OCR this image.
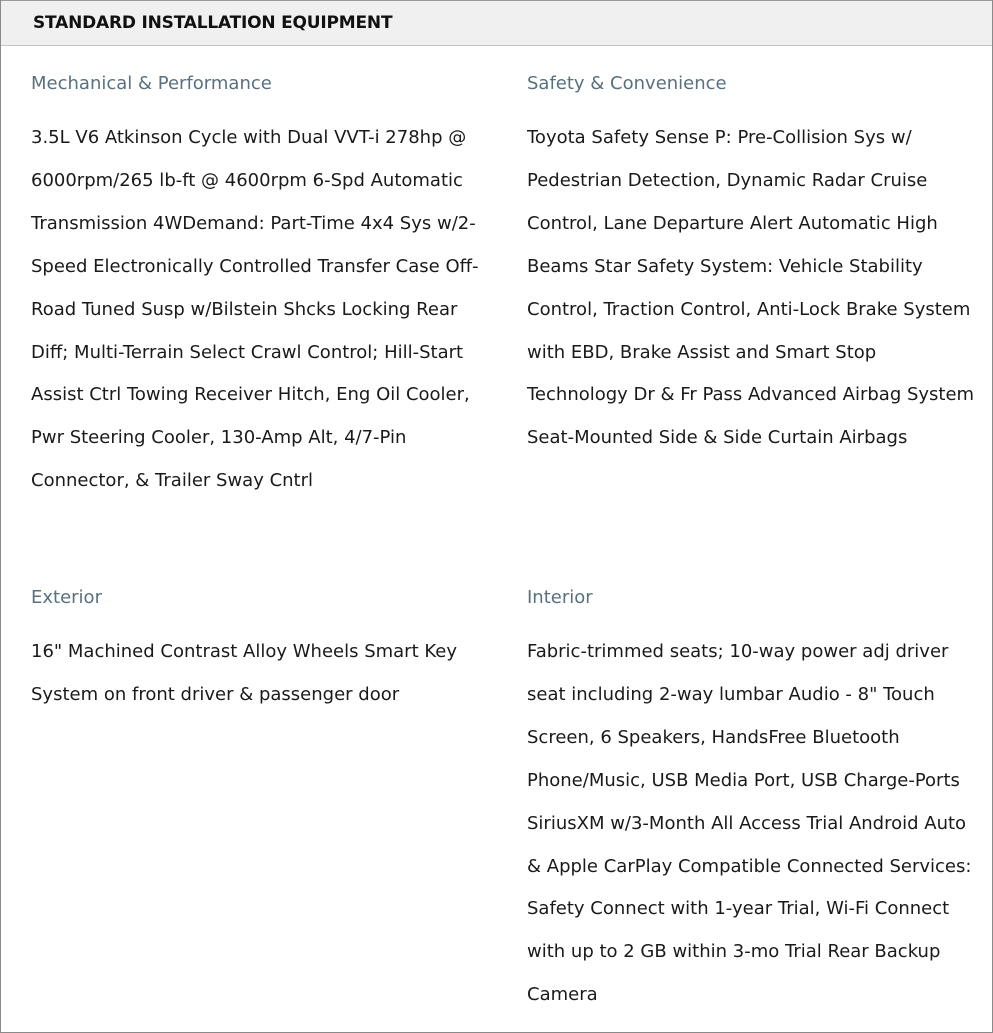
STANDARD INSTALLATION EQUIPMENT
Mechanical & Performance
3.5L V6 Atkinson Cycle with Dual VVT-i 278hp @ 6000rpm/265 lb-ft @ 4600rpm 6-Spd Automatic Transmission 4WDemand: Part-Time 4x4 Sys w/2-Speed Electronically Controlled Transfer Case Off-Road Tuned Susp w/Bilstein Shcks Locking Rear Diff; Multi-Terrain Select Crawl Control; Hill-Start Assist Ctrl Towing Receiver Hitch, Eng Oil Cooler, Pwr Steering Cooler, 130-Amp Alt, 4/7-Pin Connector, & Trailer Sway Cntrl
Safety & Convenience
Toyota Safety Sense P: Pre-Collision Sys w/ Pedestrian Detection, Dynamic Radar Cruise Control, Lane Departure Alert Automatic High Beams Star Safety System: Vehicle Stability Control, Traction Control, Anti-Lock Brake System with EBD, Brake Assist and Smart Stop Technology Dr & Fr Pass Advanced Airbag System Seat-Mounted Side & Side Curtain Airbags
Exterior
16" Machined Contrast Alloy Wheels Smart Key System on front driver & passenger door
Interior
Fabric-trimmed seats; 10-way power adj driver seat including 2-way lumbar Audio - 8" Touch Screen, 6 Speakers, HandsFree Bluetooth Phone/Music, USB Media Port, USB Charge-Ports SiriusXM w/3-Month All Access Trial Android Auto & Apple CarPlay Compatible Connected Services: Safety Connect with 1-year Trial, Wi-Fi Connect with up to 2 GB within 3-mo Trial Rear Backup Camera
